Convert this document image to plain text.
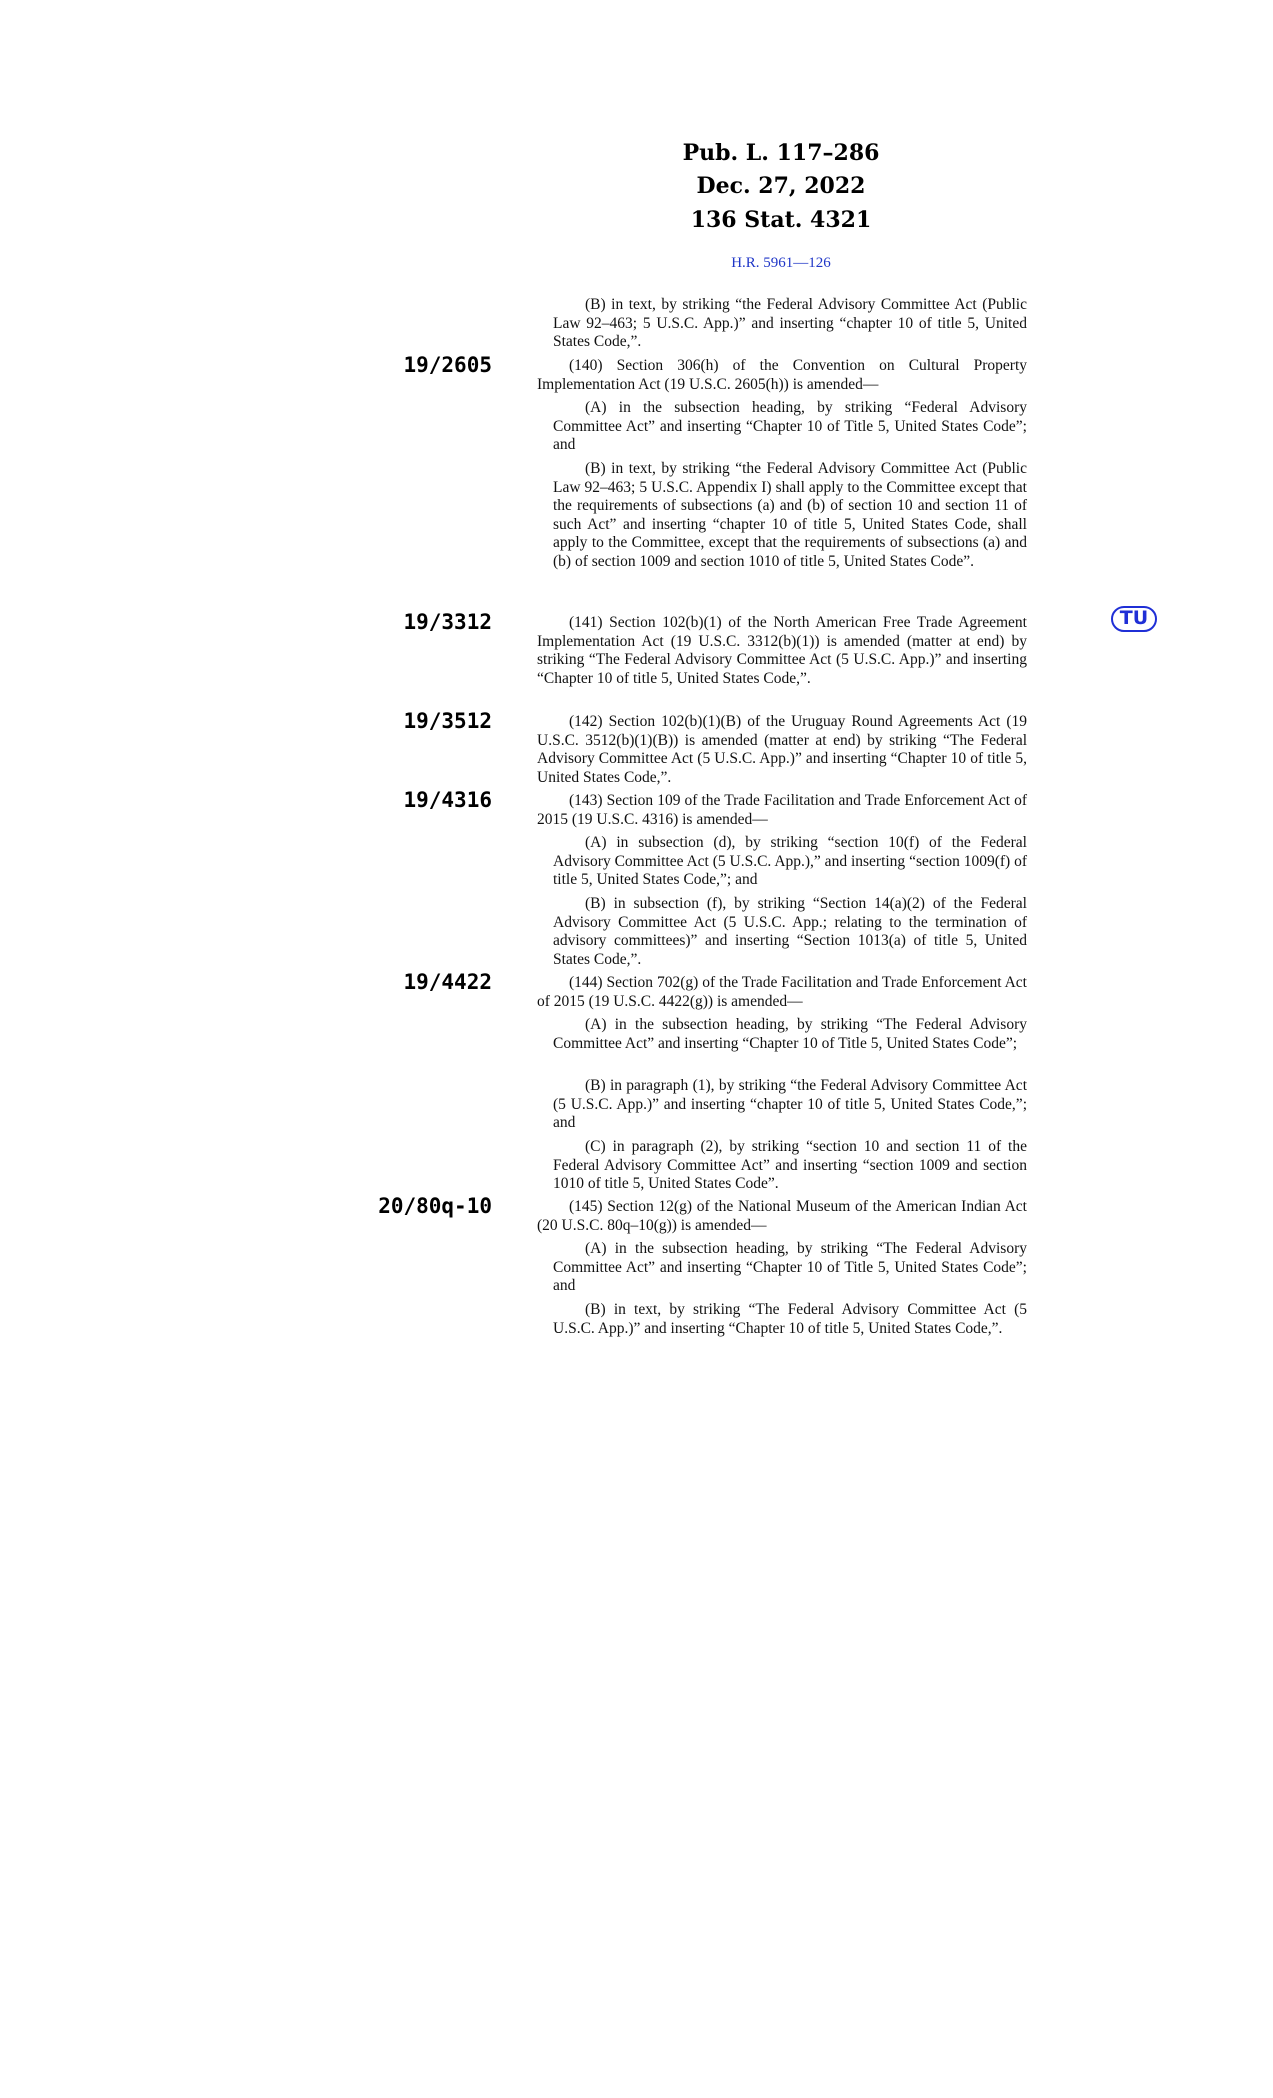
Pub. L. 117–286
Dec. 27, 2022
136 Stat. 4321
H.R. 5961—126
TU
19/2605
19/3312
19/3512
19/4316
19/4422
20/80q-10

(B) in text, by striking “the Federal Advisory Committee Act (Public Law 92–463; 5 U.S.C. App.)” and inserting “chapter 10 of title 5, United States Code,”.

(140) Section 306(h) of the Convention on Cultural Property Implementation Act (19 U.S.C. 2605(h)) is amended—

(A) in the subsection heading, by striking “Federal Advisory Committee Act” and inserting “Chapter 10 of Title 5, United States Code”; and

(B) in text, by striking “the Federal Advisory Committee Act (Public Law 92–463; 5 U.S.C. Appendix I) shall apply to the Committee except that the requirements of subsections (a) and (b) of section 10 and section 11 of such Act” and inserting “chapter 10 of title 5, United States Code, shall apply to the Committee, except that the requirements of subsections (a) and (b) of section 1009 and section 1010 of title 5, United States Code”.

(141) Section 102(b)(1) of the North American Free Trade Agreement Implementation Act (19 U.S.C. 3312(b)(1)) is amended (matter at end) by striking “The Federal Advisory Committee Act (5 U.S.C. App.)” and inserting “Chapter 10 of title 5, United States Code,”.

(142) Section 102(b)(1)(B) of the Uruguay Round Agreements Act (19 U.S.C. 3512(b)(1)(B)) is amended (matter at end) by striking “The Federal Advisory Committee Act (5 U.S.C. App.)” and inserting “Chapter 10 of title 5, United States Code,”.

(143) Section 109 of the Trade Facilitation and Trade Enforcement Act of 2015 (19 U.S.C. 4316) is amended—

(A) in subsection (d), by striking “section 10(f) of the Federal Advisory Committee Act (5 U.S.C. App.),” and inserting “section 1009(f) of title 5, United States Code,”; and

(B) in subsection (f), by striking “Section 14(a)(2) of the Federal Advisory Committee Act (5 U.S.C. App.; relating to the termination of advisory committees)” and inserting “Section 1013(a) of title 5, United States Code,”.

(144) Section 702(g) of the Trade Facilitation and Trade Enforcement Act of 2015 (19 U.S.C. 4422(g)) is amended—

(A) in the subsection heading, by striking “The Federal Advisory Committee Act” and inserting “Chapter 10 of Title 5, United States Code”;

(B) in paragraph (1), by striking “the Federal Advisory Committee Act (5 U.S.C. App.)” and inserting “chapter 10 of title 5, United States Code,”; and

(C) in paragraph (2), by striking “section 10 and section 11 of the Federal Advisory Committee Act” and inserting “section 1009 and section 1010 of title 5, United States Code”.

(145) Section 12(g) of the National Museum of the American Indian Act (20 U.S.C. 80q–10(g)) is amended—

(A) in the subsection heading, by striking “The Federal Advisory Committee Act” and inserting “Chapter 10 of Title 5, United States Code”; and

(B) in text, by striking “The Federal Advisory Committee Act (5 U.S.C. App.)” and inserting “Chapter 10 of title 5, United States Code,”.
